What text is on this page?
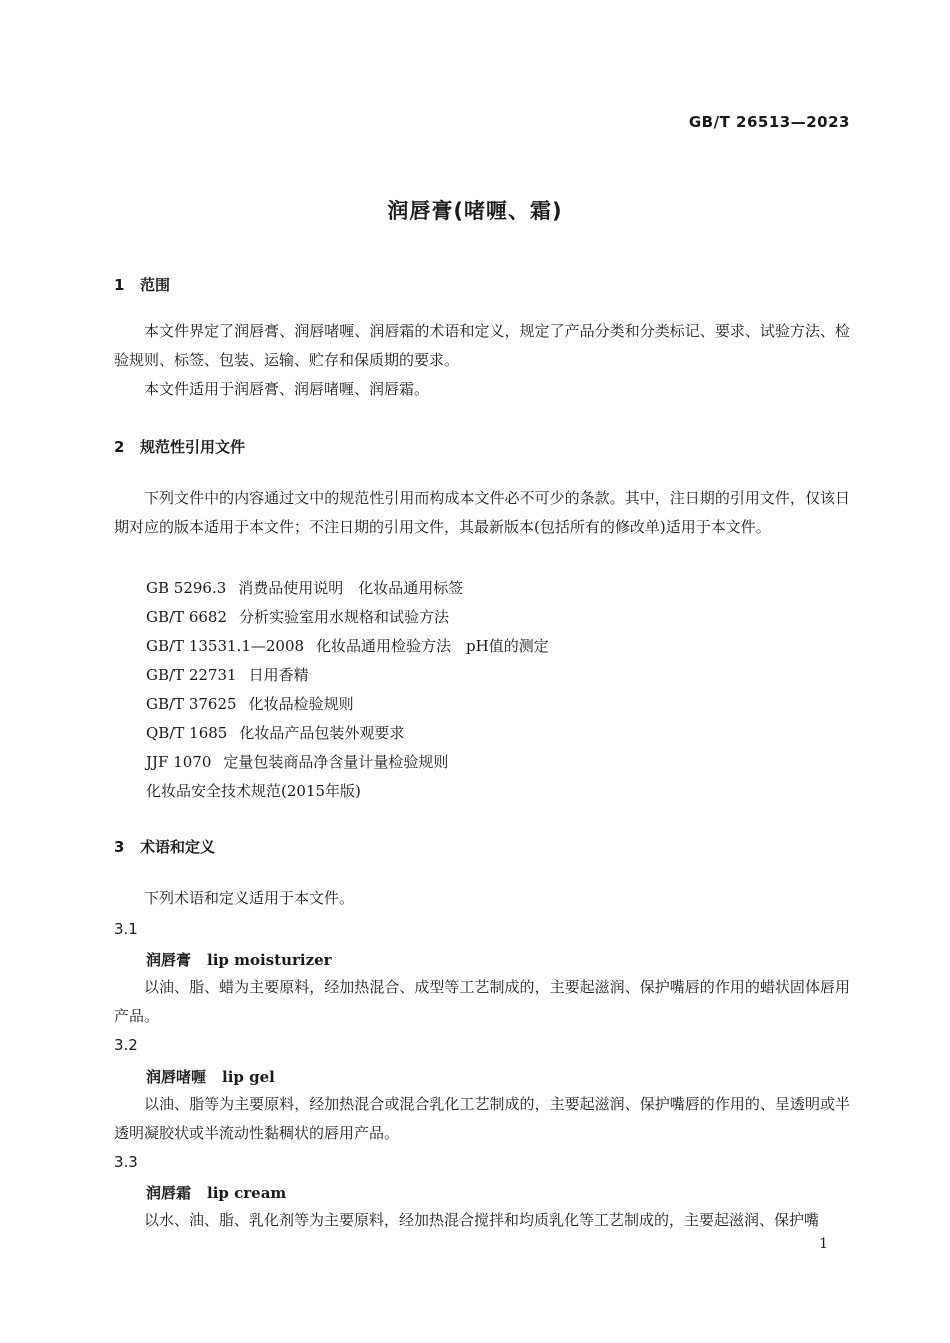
GB/T 26513—2023
润唇膏(啫喱、霜)
1 范围
本文件界定了润唇膏、润唇啫喱、润唇霜的术语和定义，规定了产品分类和分类标记、要求、试验方法、检验规则、标签、包装、运输、贮存和保质期的要求。
本文件适用于润唇膏、润唇啫喱、润唇霜。
2 规范性引用文件
下列文件中的内容通过文中的规范性引用而构成本文件必不可少的条款。其中，注日期的引用文件，仅该日期对应的版本适用于本文件；不注日期的引用文件，其最新版本(包括所有的修改单)适用于本文件。
GB 5296.3 消费品使用说明　化妆品通用标签
GB/T 6682 分析实验室用水规格和试验方法
GB/T 13531.1—2008 化妆品通用检验方法　pH值的测定
GB/T 22731 日用香精
GB/T 37625 化妆品检验规则
QB/T 1685 化妆品产品包装外观要求
JJF 1070 定量包装商品净含量计量检验规则
化妆品安全技术规范(2015年版)
3 术语和定义
下列术语和定义适用于本文件。
3.1
润唇膏 lip moisturizer
以油、脂、蜡为主要原料，经加热混合、成型等工艺制成的，主要起滋润、保护嘴唇的作用的蜡状固体唇用产品。
3.2
润唇啫喱 lip gel
以油、脂等为主要原料，经加热混合或混合乳化工艺制成的，主要起滋润、保护嘴唇的作用的、呈透明或半透明凝胶状或半流动性黏稠状的唇用产品。
3.3
润唇霜 lip cream
以水、油、脂、乳化剂等为主要原料，经加热混合搅拌和均质乳化等工艺制成的，主要起滋润、保护嘴
1
